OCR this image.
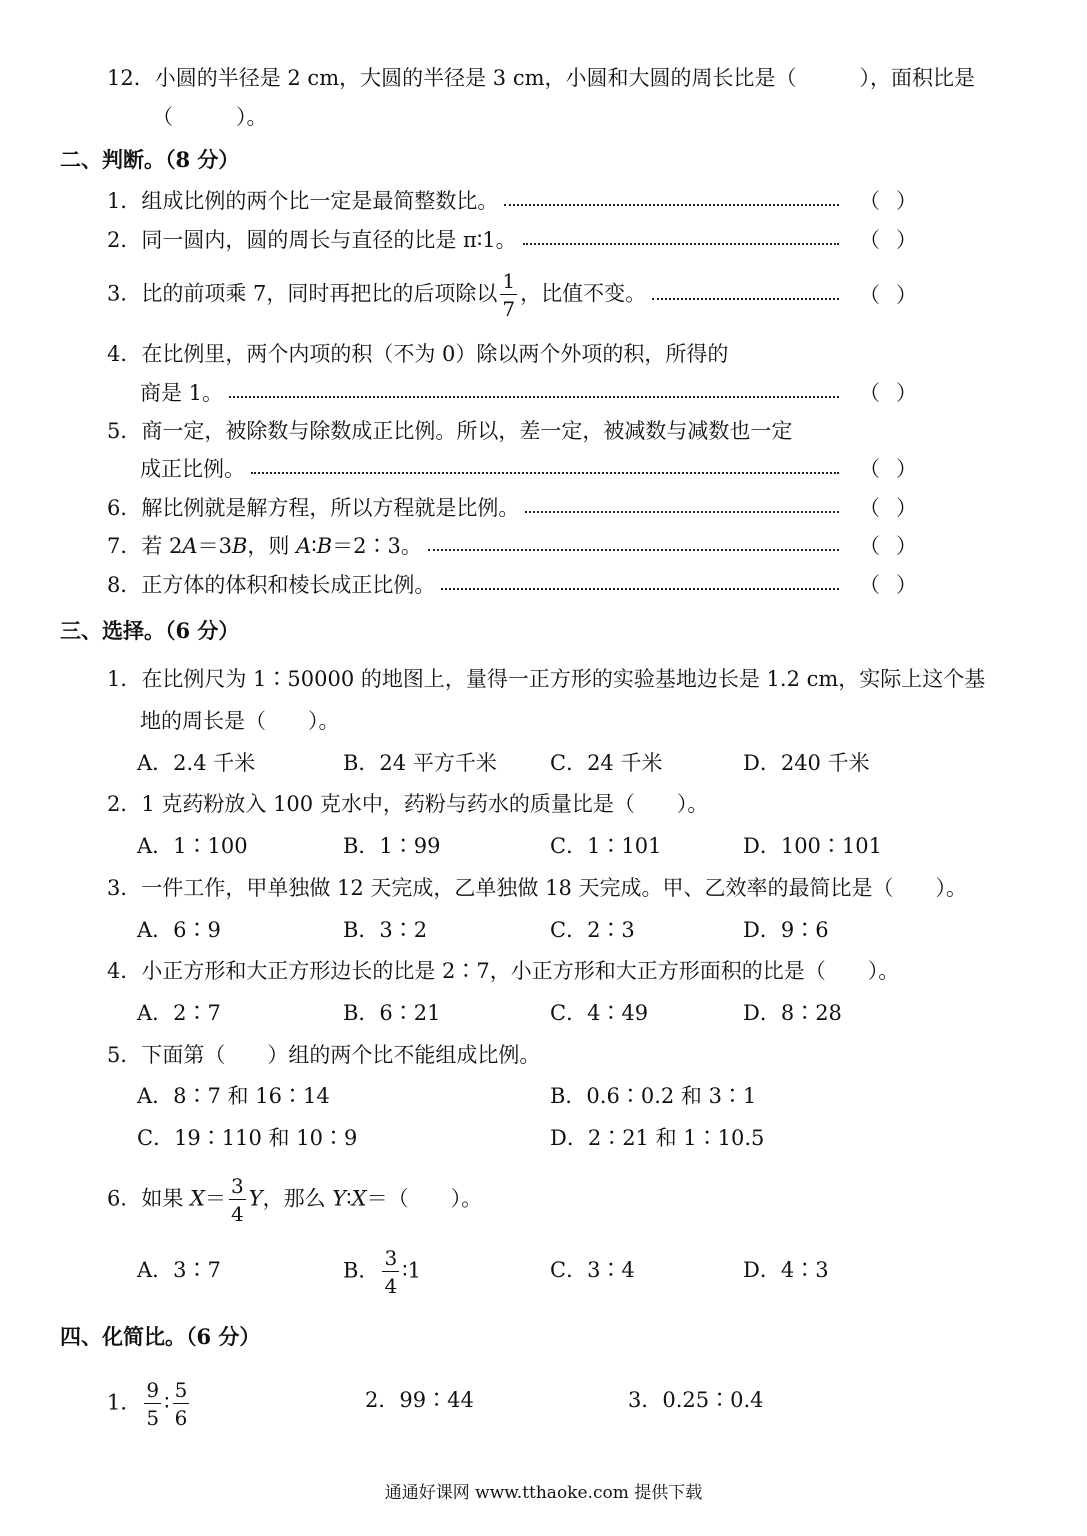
12．小圆的半径是 2 cm，大圆的半径是 3 cm，小圆和大圆的周长比是（　　　），面积比是
（　　　）。
二、判断。（8 分）
1．组成比例的两个比一定是最简整数比。	（ ）
2．同一圆内，圆的周长与直径的比是 π∶1。	（ ）
3．比的前项乘 7，同时再把比的后项除以 $\frac{1}{7}$ ，比值不变。	（ ）
4．在比例里，两个内项的积（不为 0）除以两个外项的积，所得的
商是 1。	（ ）
5．商一定，被除数与除数成正比例。所以，差一定，被减数与减数也一定
成正比例。	（ ）
6．解比例就是解方程，所以方程就是比例。	（ ）
7．若 2A＝3B，则 A∶B＝2∶3。	（ ）
8．正方体的体积和棱长成正比例。	（ ）
三、选择。（6 分）
1．在比例尺为 1∶50000 的地图上，量得一正方形的实验基地边长是 1.2 cm，实际上这个基
地的周长是（　　）。
A．2.4 千米	B．24 平方千米	C．24 千米	D．240 千米
2．1 克药粉放入 100 克水中，药粉与药水的质量比是（　　）。
A．1∶100	B．1∶99	C．1∶101	D．100∶101
3．一件工作，甲单独做 12 天完成，乙单独做 18 天完成。甲、乙效率的最简比是（　　）。
A．6∶9	B．3∶2	C．2∶3	D．9∶6
4．小正方形和大正方形边长的比是 2∶7，小正方形和大正方形面积的比是（　　）。
A．2∶7	B．6∶21	C．4∶49	D．8∶28
5．下面第（　　）组的两个比不能组成比例。
A．8∶7 和 16∶14	B．0.6∶0.2 和 3∶1
C．19∶110 和 10∶9	D．2∶21 和 1∶10.5
6．如果 $X= \frac{3}{4}$ Y，那么 Y∶X＝（　　）。
A．3∶7	B． $\frac{3}{4}$ ∶1	C．3∶4	D．4∶3
四、化简比。（6 分）
1． $\frac{9}{5}$ ∶ $\frac{5}{6}$	2．99∶44	3．0.25∶0.4
通通好课网 www.tthaoke.com 提供下载
